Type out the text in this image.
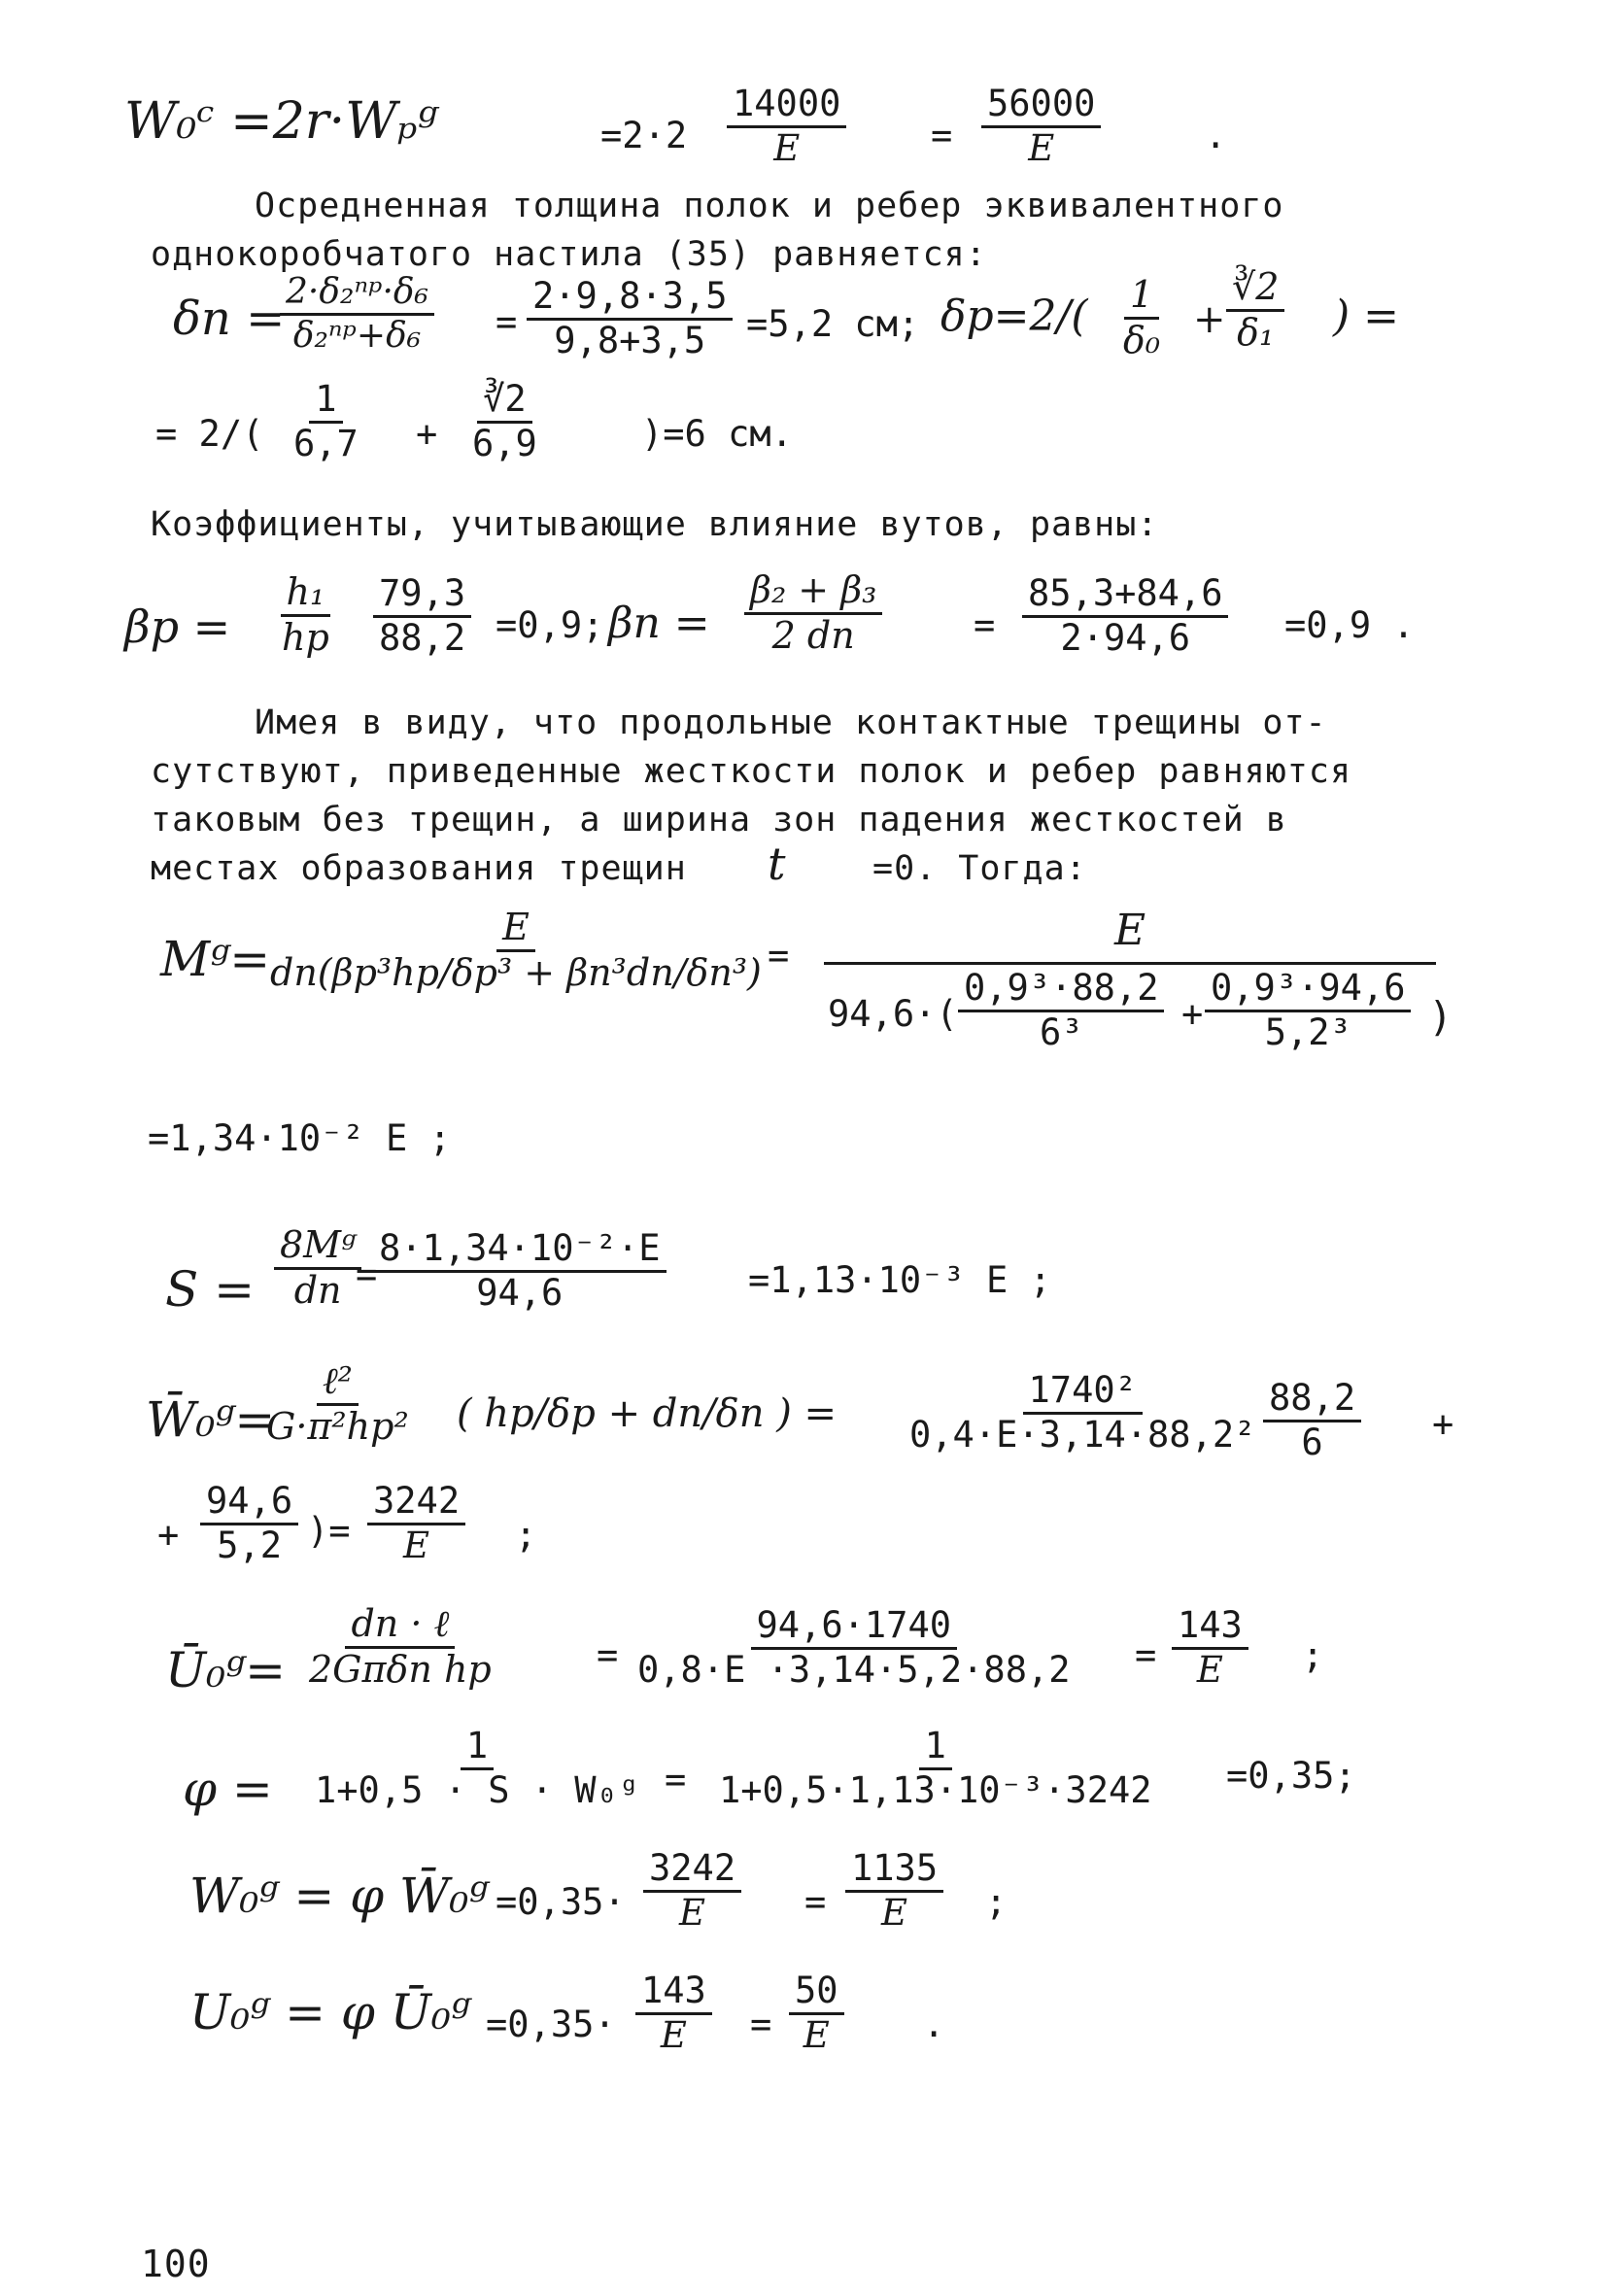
W₀ᶜ =2r·Wₚᵍ	$=2\cdot 2 \frac{14000}{E} = \frac{56000}{E}$	.
Осредненная толщина полок и ребер эквивалентного
однокоробчатого настила (35) равняется:
δп =
$\frac{\text{2·δ₂ⁿᵖ·δ₆}}{\text{δ₂ⁿᵖ+δ₆}} = \frac{2\cdot 9,8\cdot 3,5}{9,8+3,5} =5,2$ см; $\delta р=2/( \frac{1}{\text{δ₀}} + \frac{∛2}{\text{δ₁}}$ ) =
= $2/( \frac{1}{6,7} + \frac{∛2}{6,9}$	)=6 см.
Коэффициенты, учитывающие влияние вутов, равны:
βр =
h₁
hр $\frac{79,3}{88,2} =0,9$; βп =
β₂ + β₃
2 dп	= $\frac{85,3+84,6}{2\cdot 94,6} =0,9$ .
Имея в виду, что продольные контактные трещины от-
сутствуют, приведенные жесткости полок и ребер равняются
таковым без трещин, а ширина зон падения жесткостей в
местах образования трещин t	=0. Тогда:
Mᵍ=
E
dп(βр³hр/δр³ + βп³dп/δп³) =
E
$94,6\cdot( \frac{\text{0,9³·88,2}}{\text{6³}} + \frac{\text{0,9³·94,6}}{\text{5,2³}}$ )
=1,34·10⁻² E ;
S =
8Mᵍ
dп =
$\frac{\text{8·1,34·10⁻²·E}}{94,6} =1,13\cdot 10^{-3}$ E ;
W̄₀ᵍ=
ℓ²
G·π²hр² ( hр/δр + dп/δп ) = $\frac{\text{1740²}}{\text{0,4·E·3,14·88,2²}} \frac{88,2}{6}$ +
+ $\frac{94,6}{5,2}$ )= $\frac{3242}{E}$ ;
Ū₀ᵍ=
dп · ℓ
2Gπδп hр	= $\frac{94,6\cdot 1740}{0,8\cdot E \cdot 3,14\cdot 5,2\cdot 88,2} = \frac{143}{E}$ ;
$\varphi = \frac{1}{\text{1+0,5 · S · W₀ᵍ}} = \frac{1}{\text{1+0,5·1,13·10⁻³·3242}} =0,35$;
W₀ᵍ = φ W̄₀ᵍ $=0,35\cdot \frac{3242}{E} = \frac{1135}{E}$ ;
U₀ᵍ = φ Ū₀ᵍ $=0,35\cdot \frac{143}{E} = \frac{50}{E}$ .
100
